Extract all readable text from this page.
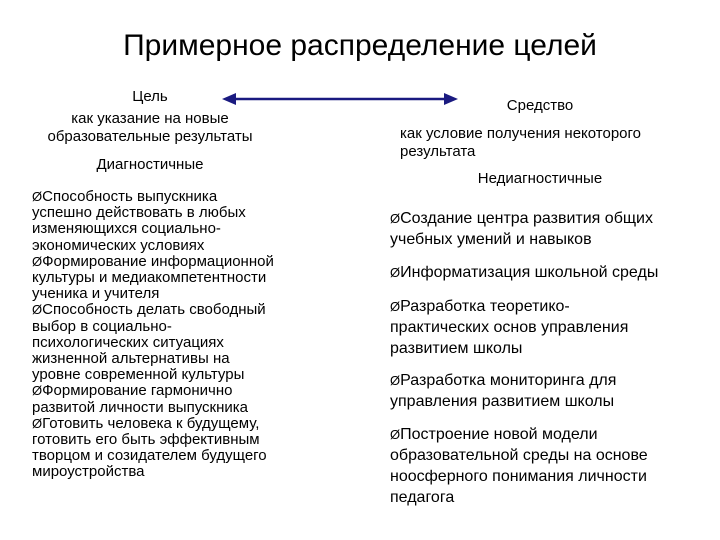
Примерное распределение целей
Цель
как указание на новые
образовательные результаты
Диагностичные
Средство
как условие получения некоторого
результата
Недиагностичные
ØСпособность выпускника
успешно действовать в любых
изменяющихся социально-
экономических условиях
ØФормирование информационной
культуры и медиакомпетентности
ученика и учителя
ØСпособность делать свободный
выбор в социально-
психологических ситуациях
жизненной альтернативы на
уровне современной культуры
ØФормирование гармонично
развитой личности выпускника
ØГотовить человека к будущему,
готовить его быть эффективным
творцом и созидателем будущего
мироустройства
ØСоздание центра развития общих
учебных умений и навыков
ØИнформатизация школьной среды
ØРазработка теоретико-
практических основ управления
развитием школы
ØРазработка мониторинга для
управления развитием школы
ØПостроение новой модели
образовательной среды на основе
ноосферного понимания личности
педагога
